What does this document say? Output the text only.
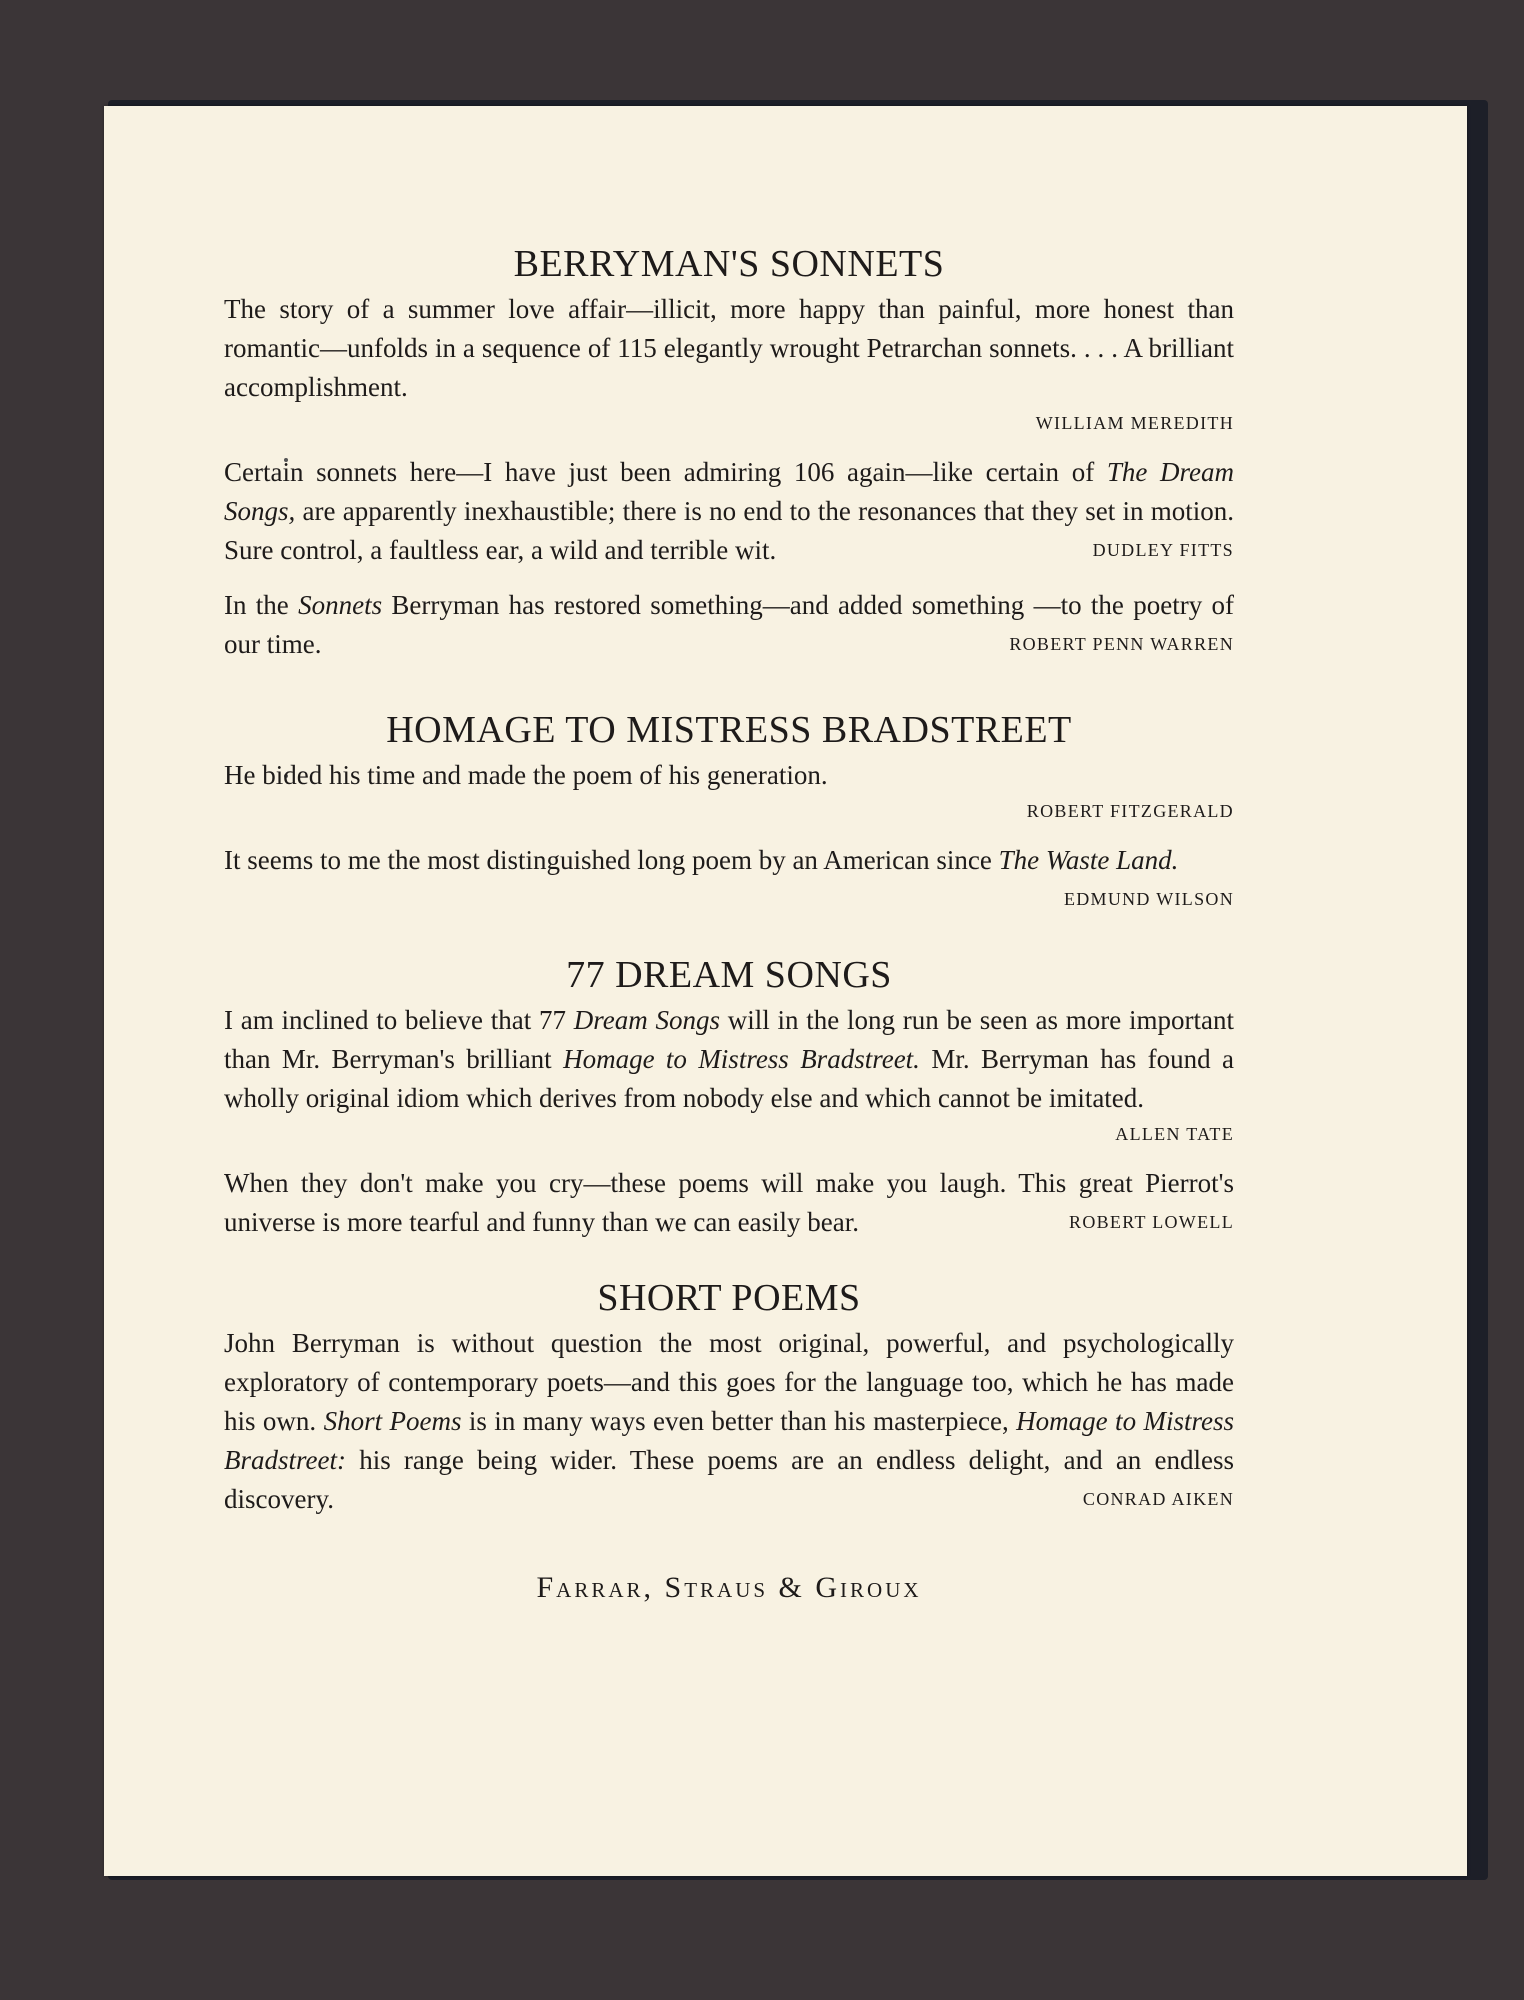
BERRYMAN'S SONNETS

The story of a summer love affair—illicit, more happy than painful, more honest than romantic—unfolds in a sequence of 115 elegantly wrought Petrarchan sonnets. . . . A brilliant accomplishment.

WILLIAM MEREDITH

Certain sonnets here—I have just been admiring 106 again—like certain of The Dream Songs, are apparently inexhaustible; there is no end to the resonances that they set in motion. Sure control, a faultless ear, a wild and terrible wit.	DUDLEY FITTS

In the Sonnets Berryman has restored something—and added something —to the poetry of our time.	ROBERT PENN WARREN

HOMAGE TO MISTRESS BRADSTREET

He bided his time and made the poem of his generation.

ROBERT FITZGERALD

It seems to me the most distinguished long poem by an American since The Waste Land.
EDMUND WILSON

77 DREAM SONGS

I am inclined to believe that 77 Dream Songs will in the long run be seen as more important than Mr. Berryman's brilliant Homage to Mistress Bradstreet. Mr. Berryman has found a wholly original idiom which derives from nobody else and which cannot be imitated.

ALLEN TATE

When they don't make you cry—these poems will make you laugh. This great Pierrot's universe is more tearful and funny than we can easily bear.	ROBERT LOWELL

SHORT POEMS

John Berryman is without question the most original, powerful, and psychologically exploratory of contemporary poets—and this goes for the language too, which he has made his own. Short Poems is in many ways even better than his masterpiece, Homage to Mistress Bradstreet: his range being wider. These poems are an endless delight, and an endless discovery.	CONRAD AIKEN

Farrar, Straus & Giroux
